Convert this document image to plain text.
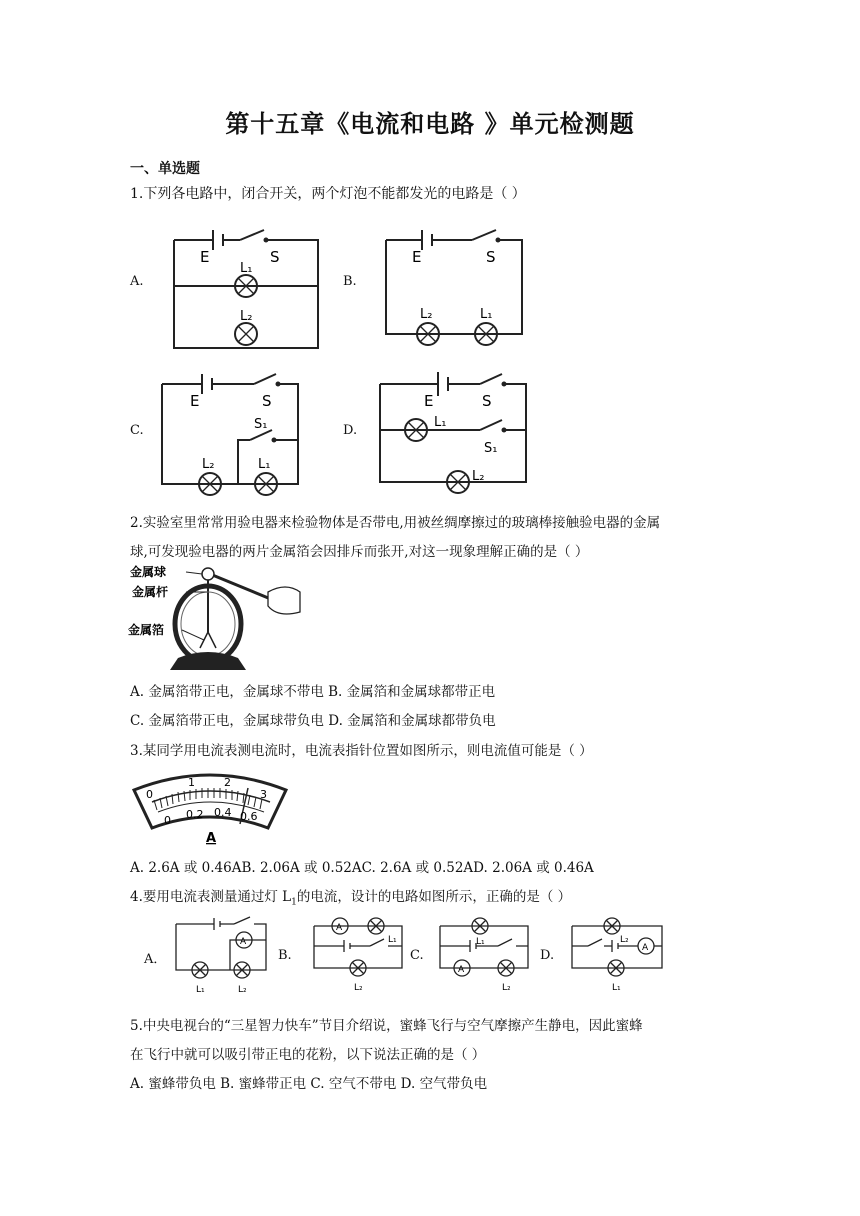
第十五章《电流和电路 》单元检测题
一、单选题
1.下列各电路中，闭合开关，两个灯泡不能都发光的电路是（ ）
A.
E	S
L₁
L₂
B.
E	S
L₂	L₁
C.
E	S
S₁
L₂	L₁
D.
E	S
L₁
S₁
L₂
2.实验室里常常用验电器来检验物体是否带电,用被丝绸摩擦过的玻璃棒接触验电器的金属
球,可发现验电器的两片金属箔会因排斥而张开,对这一现象理解正确的是（ ）
金属球
金属杆
金属箔
A. 金属箔带正电，金属球不带电 B. 金属箔和金属球都带正电
C. 金属箔带正电，金属球带负电 D. 金属箔和金属球都带负电
3.某同学用电流表测电流时，电流表指针位置如图所示，则电流值可能是（ ）
0
1	2
3
0 0.2 0.4 0.6
A
A. 2.6A 或 0.46AB. 2.06A 或 0.52AC. 2.6A 或 0.52AD. 2.06A 或 0.46A
4.要用电流表测量通过灯 $L_1$的电流，设计的电路如图所示，正确的是（ ）
A．
A
L₁	L₂
B.
A
L₁
L₂
C.
A
L₁
L₂
D.	A
L₂
L₁
5.中央电视台的“三星智力快车”节目介绍说，蜜蜂飞行与空气摩擦产生静电，因此蜜蜂
在飞行中就可以吸引带正电的花粉，以下说法正确的是（ ）
A. 蜜蜂带负电 B. 蜜蜂带正电 C. 空气不带电 D. 空气带负电
